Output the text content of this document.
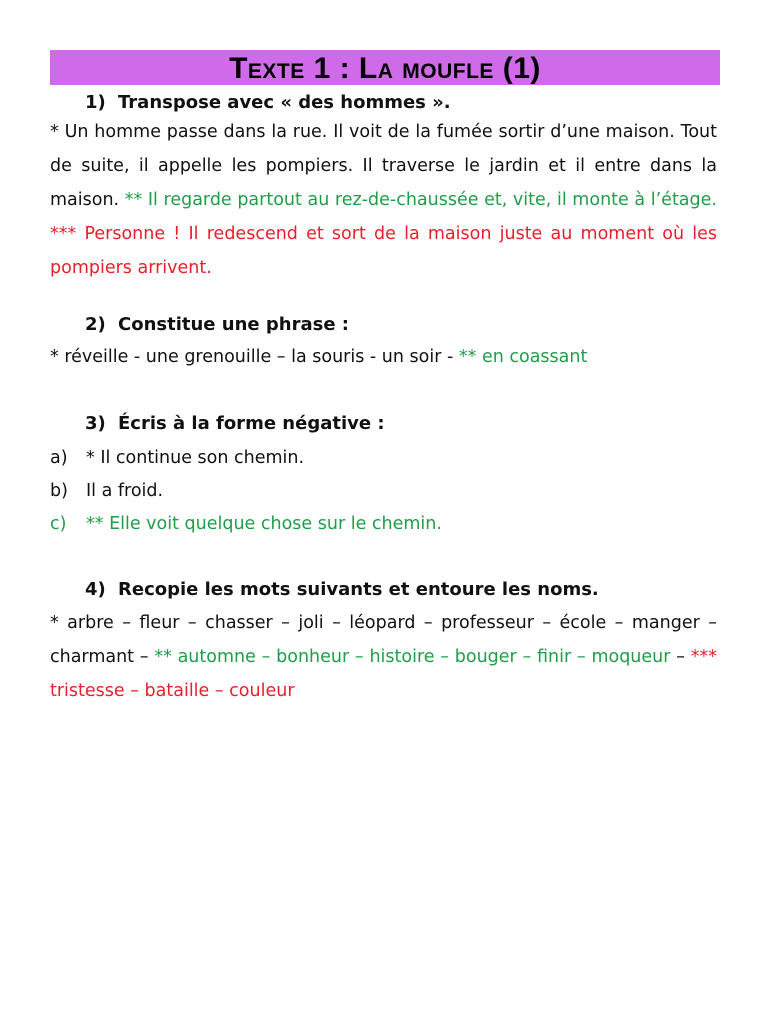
Texte 1 : La moufle (1)
1) Transpose avec « des hommes ».

* Un homme passe dans la rue. Il voit de la fumée sortir d’une maison. Tout de suite, il appelle les pompiers. Il traverse le jardin et il entre dans la maison. ** Il regarde partout au rez-de-chaussée et, vite, il monte à l’étage. *** Personne ! Il redescend et sort de la maison juste au moment où les pompiers arrivent.

2) Constitue une phrase :
* réveille - une grenouille – la souris - un soir - ** en coassant
3) Écris à la forme négative :
a) * Il continue son chemin.
b) Il a froid.
c) ** Elle voit quelque chose sur le chemin.
4) Recopie les mots suivants et entoure les noms.

* arbre – fleur – chasser – joli – léopard – professeur – école – manger – charmant – ** automne – bonheur – histoire – bouger – finir – moqueur – *** tristesse – bataille – couleur
